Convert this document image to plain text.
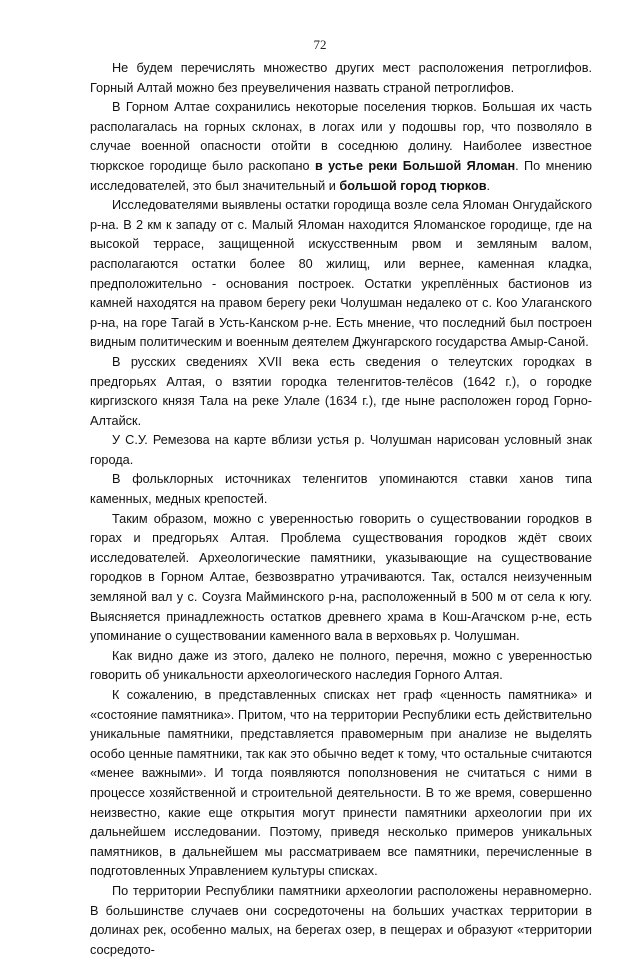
72

Не будем перечислять множество других мест расположения петроглифов. Горный Алтай можно без преувеличения назвать страной петроглифов.

В Горном Алтае сохранились некоторые поселения тюрков. Большая их часть располагалась на горных склонах, в логах или у подошвы гор, что позволяло в случае военной опасности отойти в соседнюю долину. Наиболее известное тюркское городище было раскопано в устье реки Большой Яломан. По мнению исследователей, это был значительный и большой город тюрков.

Исследователями выявлены остатки городища возле села Яломан Онгудайского р-на. В 2 км к западу от с. Малый Яломан находится Яломанское городище, где на высокой террасе, защищенной искусственным рвом и земляным валом, располагаются остатки более 80 жилищ, или вернее, каменная кладка, предположительно - основания построек. Остатки укреплённых бастионов из камней находятся на правом берегу реки Чолушман недалеко от с. Коо Улаганского р-на, на горе Тагай в Усть-Канском р-не. Есть мнение, что последний был построен видным политическим и военным деятелем Джунгарского государства Амыр-Саной.

В русских сведениях XVII века есть сведения о телеутских городках в предгорьях Алтая, о взятии городка теленгитов-телёсов (1642 г.), о городке киргизского князя Тала на реке Улале (1634 г.), где ныне расположен город Горно-Алтайск.

У С.У. Ремезова на карте вблизи устья р. Чолушман нарисован условный знак города.

В фольклорных источниках теленгитов упоминаются ставки ханов типа каменных, медных крепостей.

Таким образом, можно с уверенностью говорить о существовании городков в горах и предгорьях Алтая. Проблема существования городков ждёт своих исследователей. Археологические памятники, указывающие на существование городков в Горном Алтае, безвозвратно утрачиваются. Так, остался неизученным земляной вал у с. Соузга Майминского р-на, расположенный в 500 м от села к югу. Выясняется принадлежность остатков древнего храма в Кош-Агачском р-не, есть упоминание о существовании каменного вала в верховьях р. Чолушман.

Как видно даже из этого, далеко не полного, перечня, можно с уверенностью говорить об уникальности археологического наследия Горного Алтая.

К сожалению, в представленных списках нет граф «ценность памятника» и «состояние памятника». Притом, что на территории Республики есть действительно уникальные памятники, представляется правомерным при анализе не выделять особо ценные памятники, так как это обычно ведет к тому, что остальные считаются «менее важными». И тогда появляются поползновения не считаться с ними в процессе хозяйственной и строительной деятельности. В то же время, совершенно неизвестно, какие еще открытия могут принести памятники археологии при их дальнейшем исследовании. Поэтому, приведя несколько примеров уникальных памятников, в дальнейшем мы рассматриваем все памятники, перечисленные в подготовленных Управлением культуры списках.

По территории Республики памятники археологии расположены неравномерно. В большинстве случаев они сосредоточены на больших участках территории в долинах рек, особенно малых, на берегах озер, в пещерах и образуют «территории сосредото-
